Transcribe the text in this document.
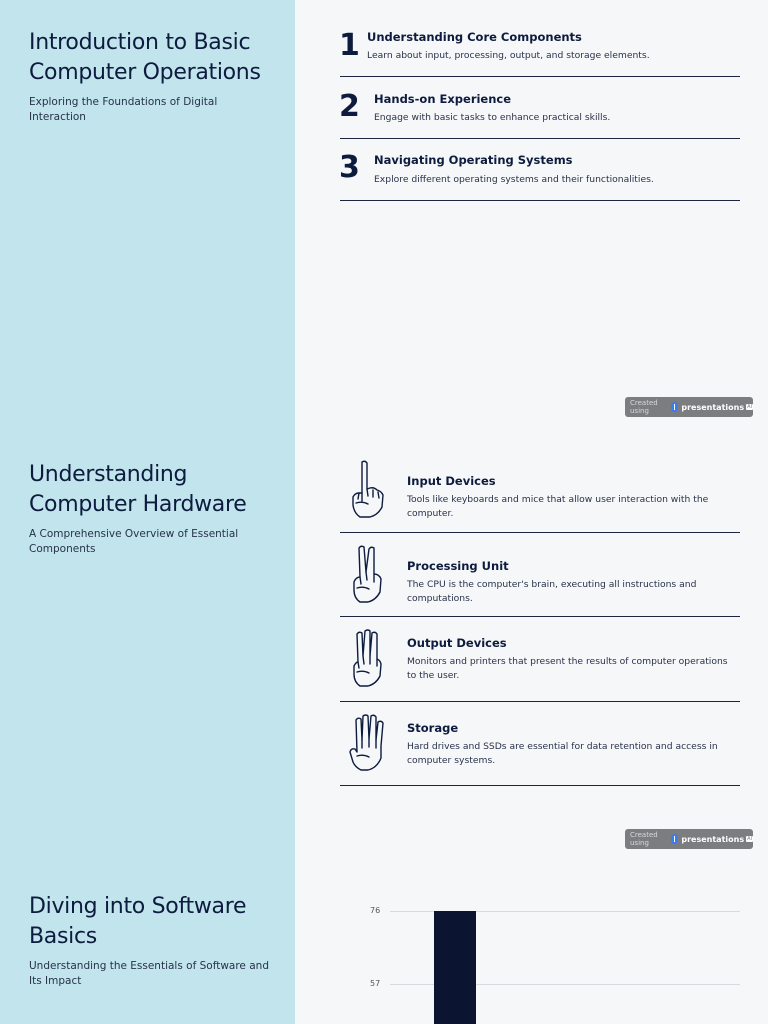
Introduction to Basic Computer Operations
Exploring the Foundations of Digital Interaction
1 Understanding Core Components
Learn about input, processing, output, and storage elements.
2 Hands-on Experience
Engage with basic tasks to enhance practical skills.
3 Navigating Operating Systems
Explore different operating systems and their functionalities.
Created using	presentations AI
Understanding Computer Hardware
A Comprehensive Overview of Essential Components
Input Devices
Tools like keyboards and mice that allow user interaction with the computer.
Processing Unit
The CPU is the computer's brain, executing all instructions and computations.
Output Devices
Monitors and printers that present the results of computer operations to the user.
Storage
Hard drives and SSDs are essential for data retention and access in computer systems.
Created using	presentations AI
Diving into Software Basics
Understanding the Essentials of Software and Its Impact
76
57
